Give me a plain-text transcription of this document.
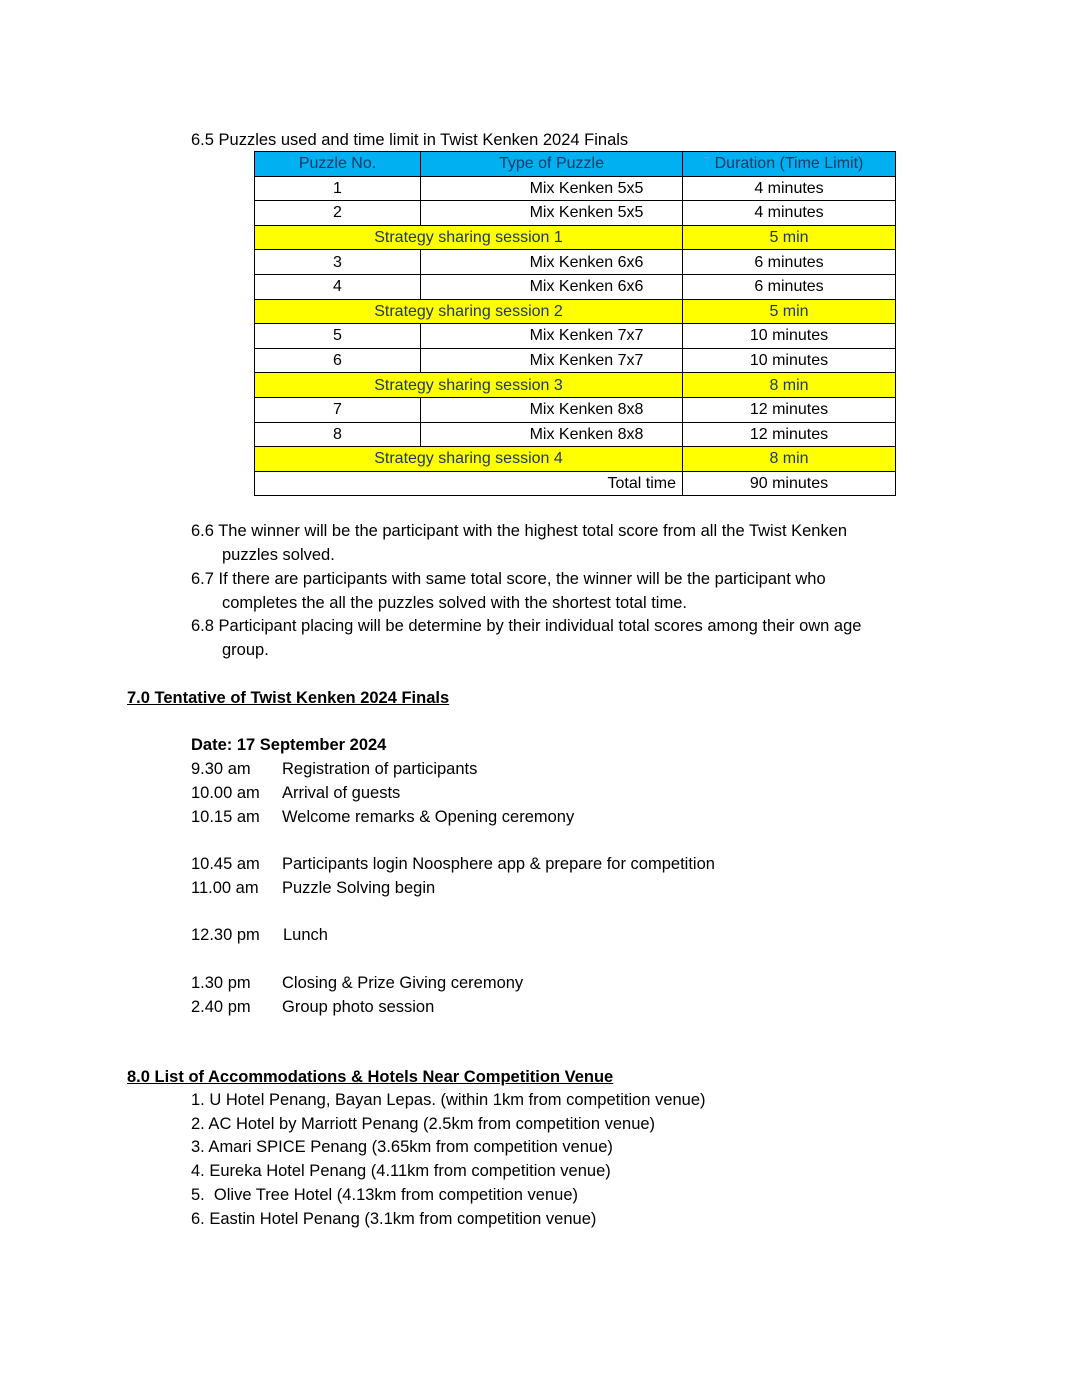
6.5 Puzzles used and time limit in Twist Kenken 2024 Finals
Puzzle No.	Type of Puzzle	Duration (Time Limit)
1	Mix Kenken 5x5	4 minutes
2	Mix Kenken 5x5	4 minutes
Strategy sharing session 1		5 min
3	Mix Kenken 6x6	6 minutes
4	Mix Kenken 6x6	6 minutes
Strategy sharing session 2		5 min
5	Mix Kenken 7x7	10 minutes
6	Mix Kenken 7x7	10 minutes
Strategy sharing session 3		8 min
7	Mix Kenken 8x8	12 minutes
8	Mix Kenken 8x8	12 minutes
Strategy sharing session 4		8 min
Total time		90 minutes
6.6 The winner will be the participant with the highest total score from all the Twist Kenken
puzzles solved.
6.7 If there are participants with same total score, the winner will be the participant who
completes the all the puzzles solved with the shortest total time.
6.8 Participant placing will be determine by their individual total scores among their own age
group.
7.0 Tentative of Twist Kenken 2024 Finals
Date: 17 September 2024
9.30 am Registration of participants
10.00 am Arrival of guests
10.15 am Welcome remarks & Opening ceremony
10.45 am Participants login Noosphere app & prepare for competition
11.00 am Puzzle Solving begin
12.30 pm Lunch
1.30 pm Closing & Prize Giving ceremony
2.40 pm Group photo session
8.0 List of Accommodations & Hotels Near Competition Venue
1. U Hotel Penang, Bayan Lepas. (within 1km from competition venue)
2. AC Hotel by Marriott Penang (2.5km from competition venue)
3. Amari SPICE Penang (3.65km from competition venue)
4. Eureka Hotel Penang (4.11km from competition venue)
5.  Olive Tree Hotel (4.13km from competition venue)
6. Eastin Hotel Penang (3.1km from competition venue)
